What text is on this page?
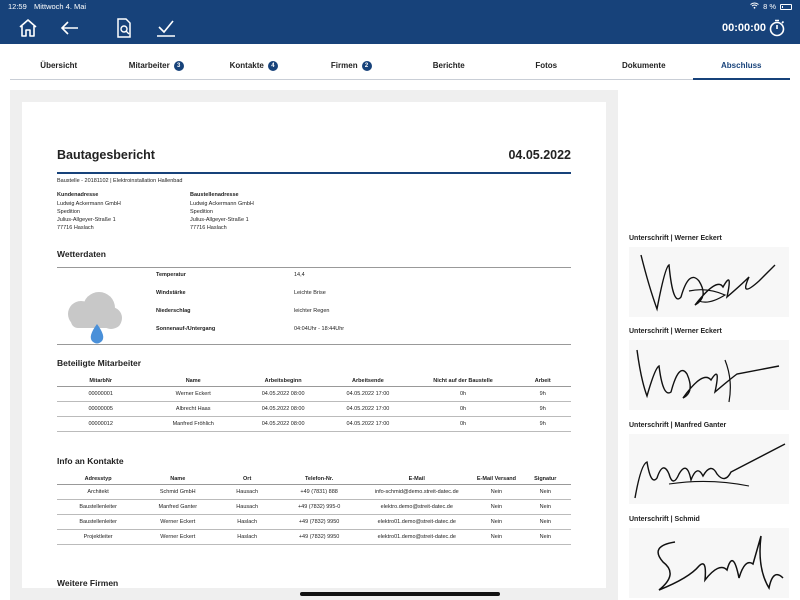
12:59 Mittwoch 4. Mai	8 %
00:00:00
Übersicht	Mitarbeiter	3	Kontakte	4	Firmen	2	Berichte	Fotos	Dokumente	Abschluss
Bautagesbericht	04.05.2022
Baustelle - 20181102 | Elektroinstallation Hallenbad
Kundenadresse
Ludwig Ackermann GmbH
Spedition
Julius-Allgeyer-Straße 1
77716 Haslach
Baustellenadresse
Ludwig Ackermann GmbH
Spedition
Julius-Allgeyer-Straße 1
77716 Haslach
Wetterdaten
Temperatur	14,4
Windstärke	Leichte Brise
Niederschlag	leichter Regen
Sonnenauf-/Untergang	04:04Uhr - 18:44Uhr
Beteiligte Mitarbeiter
MitarbNr	Name	Arbeitsbeginn	Arbeitsende	Nicht auf der Baustelle	Arbeit
00000001	Werner Eckert	04.05.2022 08:00	04.05.2022 17:00	0h	9h
00000005	Albrecht Haas	04.05.2022 08:00	04.05.2022 17:00	0h	9h
00000012	Manfred Fröhlich	04.05.2022 08:00	04.05.2022 17:00	0h	9h
Info an Kontakte
Adresstyp	Name	Ort	Telefon-Nr.	E-Mail	E-Mail Versand	Signatur
Architekt	Schmid GmbH	Hausach	+49 (7831) 888	info-schmid@demo.streit-datec.de	Nein	Nein
Baustellenleiter	Manfred Ganter	Hausach	+49 (7832) 995-0	elektro.demo@streit-datec.de	Nein	Nein
Baustellenleiter	Werner Eckert	Haslach	+49 (7832) 9950	elektro01.demo@streit-datec.de	Nein	Nein
Projektleiter	Werner Eckert	Haslach	+49 (7832) 9950	elektro01.demo@streit-datec.de	Nein	Nein
Weitere Firmen
Unterschrift | Werner Eckert
Unterschrift | Werner Eckert
Unterschrift | Manfred Ganter
Unterschrift | Schmid
